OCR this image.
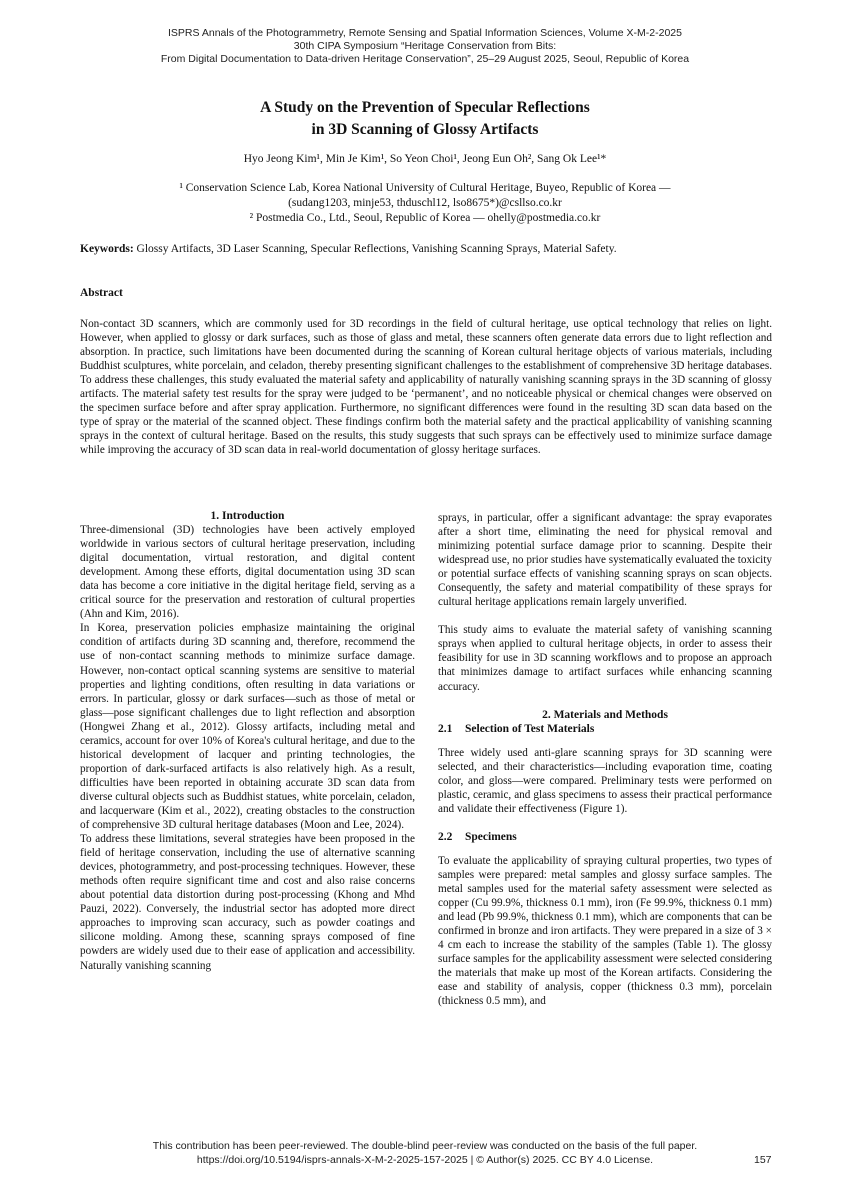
ISPRS Annals of the Photogrammetry, Remote Sensing and Spatial Information Sciences, Volume X-M-2-2025
30th CIPA Symposium “Heritage Conservation from Bits:
From Digital Documentation to Data-driven Heritage Conservation”, 25–29 August 2025, Seoul, Republic of Korea
A Study on the Prevention of Specular Reflections
in 3D Scanning of Glossy Artifacts
Hyo Jeong Kim¹, Min Je Kim¹, So Yeon Choi¹, Jeong Eun Oh², Sang Ok Lee¹*
¹ Conservation Science Lab, Korea National University of Cultural Heritage, Buyeo, Republic of Korea —
(sudang1203, minje53, thduschl12, lso8675*)@csllso.co.kr
² Postmedia Co., Ltd., Seoul, Republic of Korea — ohelly@postmedia.co.kr
Keywords: Glossy Artifacts, 3D Laser Scanning, Specular Reflections, Vanishing Scanning Sprays, Material Safety.
Abstract
Non-contact 3D scanners, which are commonly used for 3D recordings in the field of cultural heritage, use optical technology that relies on light. However, when applied to glossy or dark surfaces, such as those of glass and metal, these scanners often generate data errors due to light reflection and absorption. In practice, such limitations have been documented during the scanning of Korean cultural heritage objects of various materials, including Buddhist sculptures, white porcelain, and celadon, thereby presenting significant challenges to the establishment of comprehensive 3D heritage databases. To address these challenges, this study evaluated the material safety and applicability of naturally vanishing scanning sprays in the 3D scanning of glossy artifacts. The material safety test results for the spray were judged to be ‘permanent’, and no noticeable physical or chemical changes were observed on the specimen surface before and after spray application. Furthermore, no significant differences were found in the resulting 3D scan data based on the type of spray or the material of the scanned object. These findings confirm both the material safety and the practical applicability of vanishing scanning sprays in the context of cultural heritage. Based on the results, this study suggests that such sprays can be effectively used to minimize surface damage while improving the accuracy of 3D scan data in real-world documentation of glossy heritage surfaces.

1. Introduction

Three-dimensional (3D) technologies have been actively employed worldwide in various sectors of cultural heritage preservation, including digital documentation, virtual restoration, and digital content development. Among these efforts, digital documentation using 3D scan data has become a core initiative in the digital heritage field, serving as a critical source for the preservation and restoration of cultural properties (Ahn and Kim, 2016).

In Korea, preservation policies emphasize maintaining the original condition of artifacts during 3D scanning and, therefore, recommend the use of non-contact scanning methods to minimize surface damage. However, non-contact optical scanning systems are sensitive to material properties and lighting conditions, often resulting in data variations or errors. In particular, glossy or dark surfaces—such as those of metal or glass—pose significant challenges due to light reflection and absorption (Hongwei Zhang et al., 2012). Glossy artifacts, including metal and ceramics, account for over 10% of Korea's cultural heritage, and due to the historical development of lacquer and printing technologies, the proportion of dark-surfaced artifacts is also relatively high. As a result, difficulties have been reported in obtaining accurate 3D scan data from diverse cultural objects such as Buddhist statues, white porcelain, celadon, and lacquerware (Kim et al., 2022), creating obstacles to the construction of comprehensive 3D cultural heritage databases (Moon and Lee, 2024).

To address these limitations, several strategies have been proposed in the field of heritage conservation, including the use of alternative scanning devices, photogrammetry, and post-processing techniques. However, these methods often require significant time and cost and also raise concerns about potential data distortion during post-processing (Khong and Mhd Pauzi, 2022). Conversely, the industrial sector has adopted more direct approaches to improving scan accuracy, such as powder coatings and silicone molding. Among these, scanning sprays composed of fine powders are widely used due to their ease of application and accessibility. Naturally vanishing scanning

sprays, in particular, offer a significant advantage: the spray evaporates after a short time, eliminating the need for physical removal and minimizing potential surface damage prior to scanning. Despite their widespread use, no prior studies have systematically evaluated the toxicity or potential surface effects of vanishing scanning sprays on scan objects. Consequently, the safety and material compatibility of these sprays for cultural heritage applications remain largely unverified.

This study aims to evaluate the material safety of vanishing scanning sprays when applied to cultural heritage objects, in order to assess their feasibility for use in 3D scanning workflows and to propose an approach that minimizes damage to artifact surfaces while enhancing scanning accuracy.

2. Materials and Methods

2.1 Selection of Test Materials

Three widely used anti-glare scanning sprays for 3D scanning were selected, and their characteristics—including evaporation time, coating color, and gloss—were compared. Preliminary tests were performed on plastic, ceramic, and glass specimens to assess their practical performance and validate their effectiveness (Figure 1).

2.2 Specimens

To evaluate the applicability of spraying cultural properties, two types of samples were prepared: metal samples and glossy surface samples. The metal samples used for the material safety assessment were selected as copper (Cu 99.9%, thickness 0.1 mm), iron (Fe 99.9%, thickness 0.1 mm) and lead (Pb 99.9%, thickness 0.1 mm), which are components that can be confirmed in bronze and iron artifacts. They were prepared in a size of 3 × 4 cm each to increase the stability of the samples (Table 1). The glossy surface samples for the applicability assessment were selected considering the materials that make up most of the Korean artifacts. Considering the ease and stability of analysis, copper (thickness 0.3 mm), porcelain (thickness 0.5 mm), and

This contribution has been peer-reviewed. The double-blind peer-review was conducted on the basis of the full paper.
https://doi.org/10.5194/isprs-annals-X-M-2-2025-157-2025 | © Author(s) 2025. CC BY 4.0 License.	157
